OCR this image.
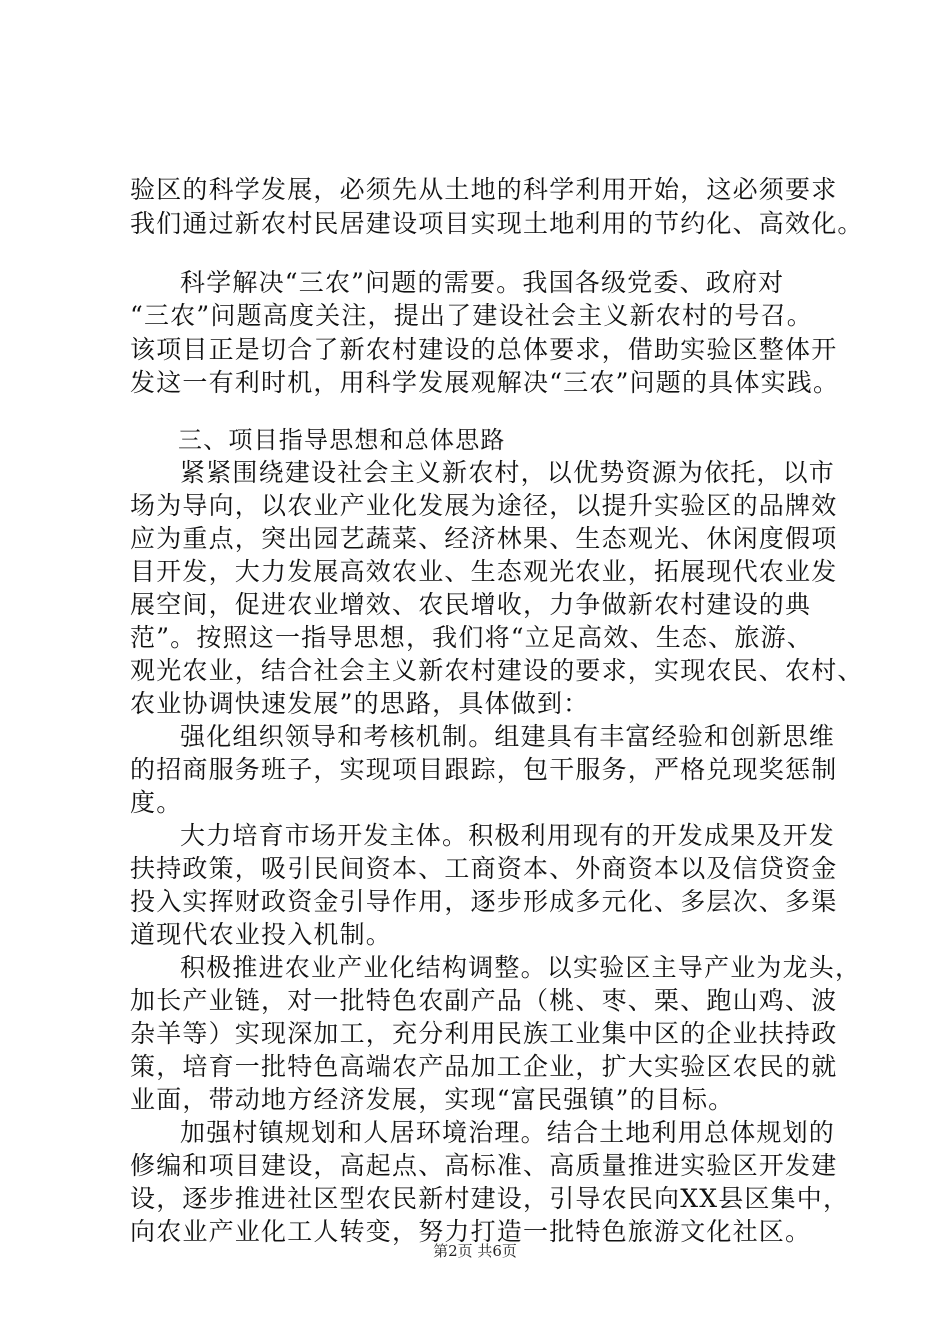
验区的科学发展，必须先从土地的科学利用开始，这必须要求
我们通过新农村民居建设项目实现土地利用的节约化、高效化。
科学解决“三农”问题的需要。我国各级党委、政府对
“三农”问题高度关注，提出了建设社会主义新农村的号召。
该项目正是切合了新农村建设的总体要求，借助实验区整体开
发这一有利时机，用科学发展观解决“三农”问题的具体实践。
三、项目指导思想和总体思路
紧紧围绕建设社会主义新农村，以优势资源为依托，以市
场为导向，以农业产业化发展为途径，以提升实验区的品牌效
应为重点，突出园艺蔬菜、经济林果、生态观光、休闲度假项
目开发，大力发展高效农业、生态观光农业，拓展现代农业发
展空间，促进农业增效、农民增收，力争做新农村建设的典
范”。按照这一指导思想，我们将“立足高效、生态、旅游、
观光农业，结合社会主义新农村建设的要求，实现农民、农村、
农业协调快速发展”的思路，具体做到：
强化组织领导和考核机制。组建具有丰富经验和创新思维
的招商服务班子，实现项目跟踪，包干服务，严格兑现奖惩制
度。
大力培育市场开发主体。积极利用现有的开发成果及开发
扶持政策，吸引民间资本、工商资本、外商资本以及信贷资金
投入实挥财政资金引导作用，逐步形成多元化、多层次、多渠
道现代农业投入机制。
积极推进农业产业化结构调整。以实验区主导产业为龙头，
加长产业链，对一批特色农副产品（桃、枣、栗、跑山鸡、波
杂羊等）实现深加工，充分利用民族工业集中区的企业扶持政
策，培育一批特色高端农产品加工企业，扩大实验区农民的就
业面，带动地方经济发展，实现“富民强镇”的目标。
加强村镇规划和人居环境治理。结合土地利用总体规划的
修编和项目建设，高起点、高标准、高质量推进实验区开发建
设，逐步推进社区型农民新村建设，引导农民向XX县区集中，
向农业产业化工人转变，努力打造一批特色旅游文化社区。
第2页 共6页
